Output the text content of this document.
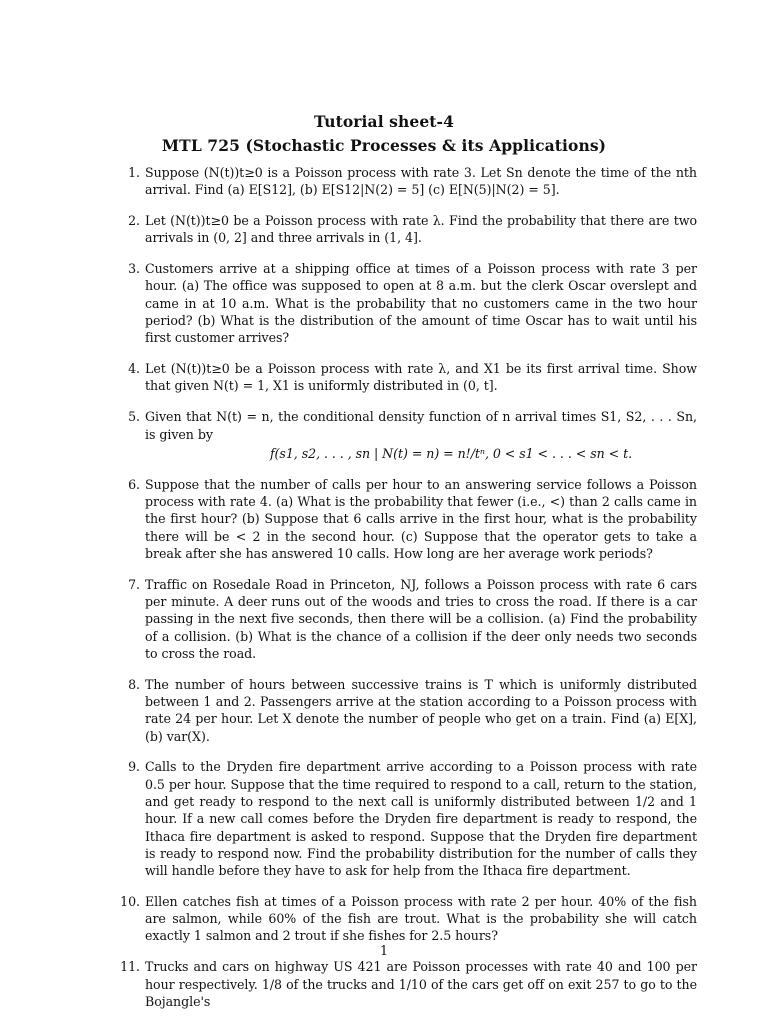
Tutorial sheet-4
MTL 725 (Stochastic Processes & its Applications)
1. Suppose (N(t))t≥0 is a Poisson process with rate 3. Let Sn denote the time of the nth arrival. Find (a) E[S12], (b) E[S12|N(2) = 5] (c) E[N(5)|N(2) = 5].
2. Let (N(t))t≥0 be a Poisson process with rate λ. Find the probability that there are two arrivals in (0, 2] and three arrivals in (1, 4].
3. Customers arrive at a shipping office at times of a Poisson process with rate 3 per hour. (a) The office was supposed to open at 8 a.m. but the clerk Oscar overslept and came in at 10 a.m. What is the probability that no customers came in the two hour period? (b) What is the distribution of the amount of time Oscar has to wait until his first customer arrives?
4. Let (N(t))t≥0 be a Poisson process with rate λ, and X1 be its first arrival time. Show that given N(t) = 1, X1 is uniformly distributed in (0, t].
5. Given that N(t) = n, the conditional density function of n arrival times S1, S2, . . . Sn, is given by
f(s1, s2, . . . , sn | N(t) = n) = n!/tⁿ, 0 < s1 < . . . < sn < t.
6. Suppose that the number of calls per hour to an answering service follows a Poisson process with rate 4. (a) What is the probability that fewer (i.e., <) than 2 calls came in the first hour? (b) Suppose that 6 calls arrive in the first hour, what is the probability there will be < 2 in the second hour. (c) Suppose that the operator gets to take a break after she has answered 10 calls. How long are her average work periods?
7. Traffic on Rosedale Road in Princeton, NJ, follows a Poisson process with rate 6 cars per minute. A deer runs out of the woods and tries to cross the road. If there is a car passing in the next five seconds, then there will be a collision. (a) Find the probability of a collision. (b) What is the chance of a collision if the deer only needs two seconds to cross the road.
8. The number of hours between successive trains is T which is uniformly distributed between 1 and 2. Passengers arrive at the station according to a Poisson process with rate 24 per hour. Let X denote the number of people who get on a train. Find (a) E[X], (b) var(X).
9. Calls to the Dryden fire department arrive according to a Poisson process with rate 0.5 per hour. Suppose that the time required to respond to a call, return to the station, and get ready to respond to the next call is uniformly distributed between 1/2 and 1 hour. If a new call comes before the Dryden fire department is ready to respond, the Ithaca fire department is asked to respond. Suppose that the Dryden fire department is ready to respond now. Find the probability distribution for the number of calls they will handle before they have to ask for help from the Ithaca fire department.
10. Ellen catches fish at times of a Poisson process with rate 2 per hour. 40% of the fish are salmon, while 60% of the fish are trout. What is the probability she will catch exactly 1 salmon and 2 trout if she fishes for 2.5 hours?
11. Trucks and cars on highway US 421 are Poisson processes with rate 40 and 100 per hour respectively. 1/8 of the trucks and 1/10 of the cars get off on exit 257 to go to the Bojangle's
1
